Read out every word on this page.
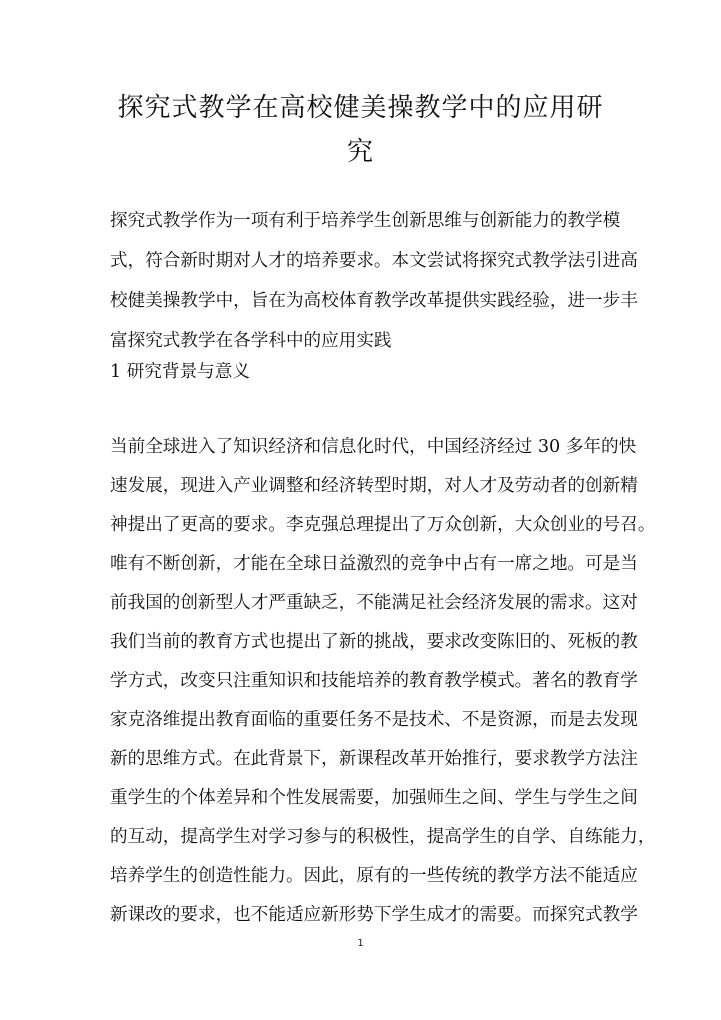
探究式教学在高校健美操教学中的应用研
究
探究式教学作为一项有利于培养学生创新思维与创新能力的教学模
式，符合新时期对人才的培养要求。本文尝试将探究式教学法引进高
校健美操教学中，旨在为高校体育教学改革提供实践经验，进一步丰
富探究式教学在各学科中的应用实践
1 研究背景与意义
当前全球进入了知识经济和信息化时代，中国经济经过 30 多年的快
速发展，现进入产业调整和经济转型时期，对人才及劳动者的创新精
神提出了更高的要求。李克强总理提出了万众创新，大众创业的号召。
唯有不断创新，才能在全球日益激烈的竞争中占有一席之地。可是当
前我国的创新型人才严重缺乏，不能满足社会经济发展的需求。这对
我们当前的教育方式也提出了新的挑战，要求改变陈旧的、死板的教
学方式，改变只注重知识和技能培养的教育教学模式。著名的教育学
家克洛维提出教育面临的重要任务不是技术、不是资源，而是去发现
新的思维方式。在此背景下，新课程改革开始推行，要求教学方法注
重学生的个体差异和个性发展需要，加强师生之间、学生与学生之间
的互动，提高学生对学习参与的积极性，提高学生的自学、自练能力，
培养学生的创造性能力。因此，原有的一些传统的教学方法不能适应
新课改的要求，也不能适应新形势下学生成才的需要。而探究式教学
1
